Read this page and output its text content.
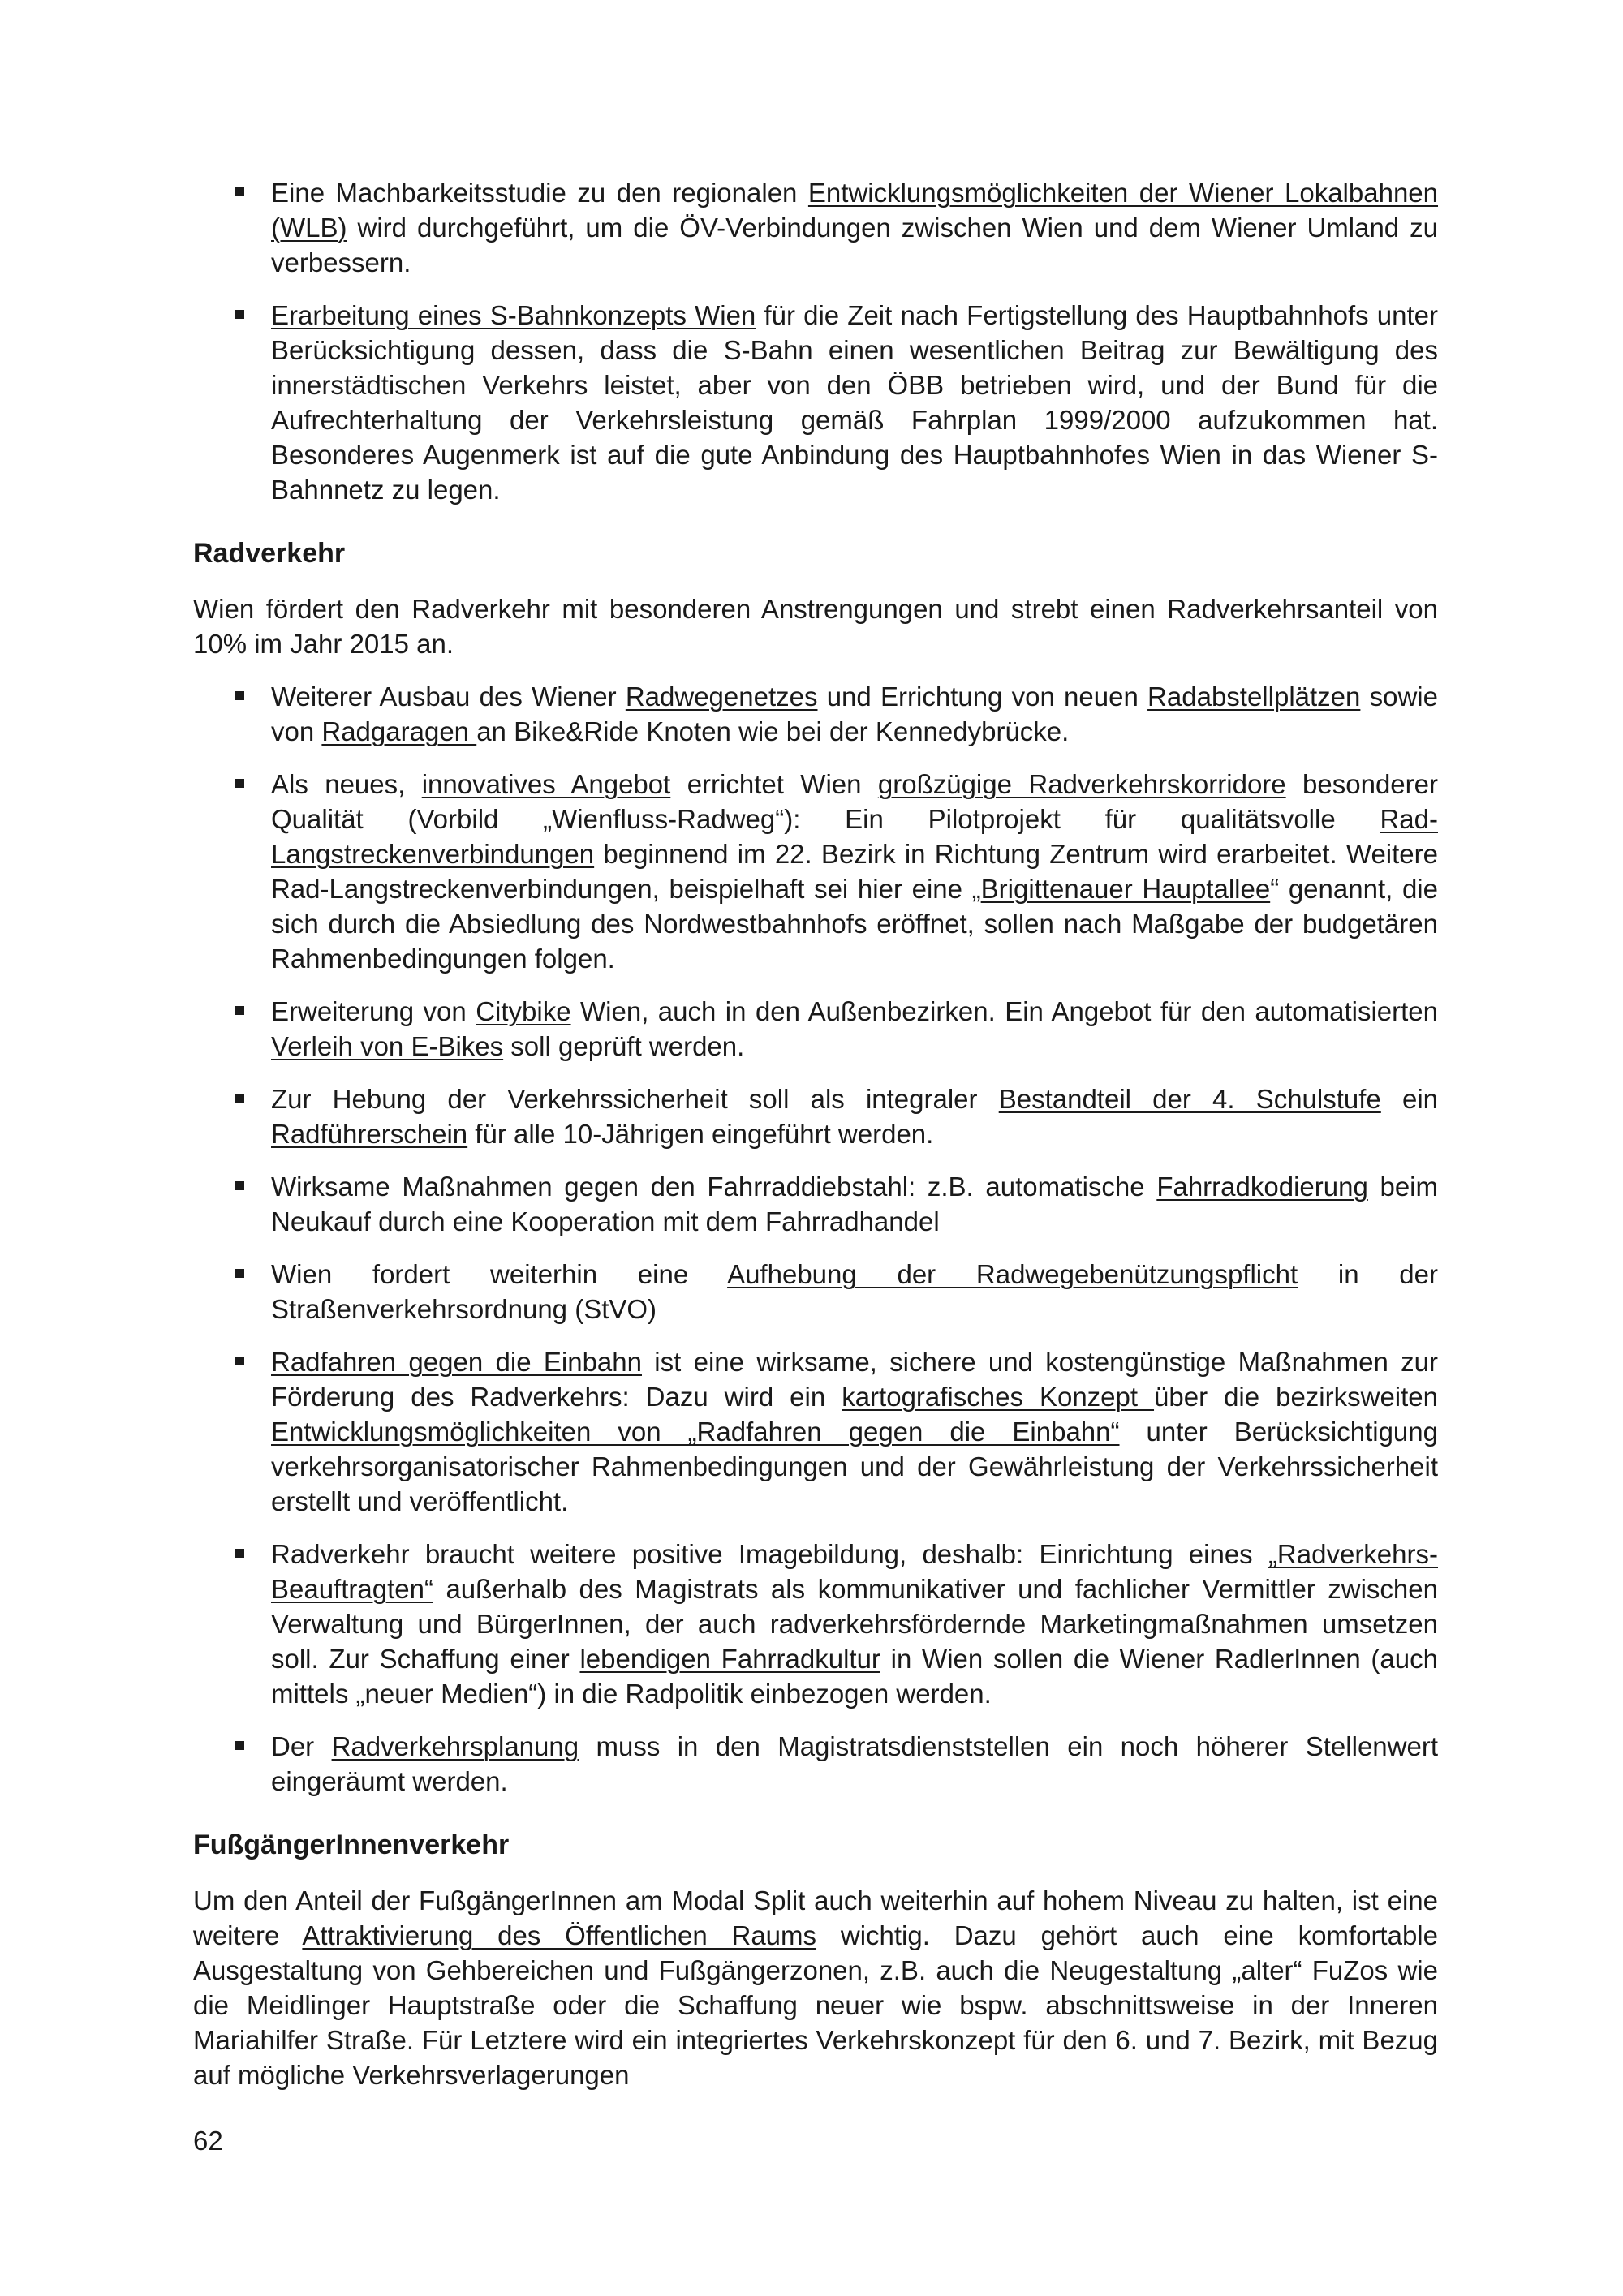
Eine Machbarkeitsstudie zu den regionalen Entwicklungsmöglichkeiten der Wiener Lokalbahnen (WLB) wird durchgeführt, um die ÖV-Verbindungen zwischen Wien und dem Wiener Umland zu verbessern.
Erarbeitung eines S-Bahnkonzepts Wien für die Zeit nach Fertigstellung des Hauptbahnhofs unter Berücksichtigung dessen, dass die S-Bahn einen wesentlichen Beitrag zur Bewältigung des innerstädtischen Verkehrs leistet, aber von den ÖBB betrieben wird, und der Bund für die Aufrechterhaltung der Verkehrsleistung gemäß Fahrplan 1999/2000 aufzukommen hat. Besonderes Augenmerk ist auf die gute Anbindung des Hauptbahnhofes Wien in das Wiener S-Bahnnetz zu legen.
Radverkehr

Wien fördert den Radverkehr mit besonderen Anstrengungen und strebt einen Radverkehrsanteil von 10% im Jahr 2015 an.

Weiterer Ausbau des Wiener Radwegenetzes und Errichtung von neuen Radabstellplätzen sowie von Radgaragen an Bike&Ride Knoten wie bei der Kennedybrücke.
Als neues, innovatives Angebot errichtet Wien großzügige Radverkehrskorridore besonderer Qualität (Vorbild „Wienfluss-Radweg“): Ein Pilotprojekt für qualitätsvolle Rad-Langstreckenverbindungen beginnend im 22. Bezirk in Richtung Zentrum wird erarbeitet. Weitere Rad-Langstreckenverbindungen, beispielhaft sei hier eine „Brigittenauer Hauptallee“ genannt, die sich durch die Absiedlung des Nordwestbahnhofs eröffnet, sollen nach Maßgabe der budgetären Rahmenbedingungen folgen.
Erweiterung von Citybike Wien, auch in den Außenbezirken. Ein Angebot für den automatisierten Verleih von E-Bikes soll geprüft werden.
Zur Hebung der Verkehrssicherheit soll als integraler Bestandteil der 4. Schulstufe ein Radführerschein für alle 10-Jährigen eingeführt werden.
Wirksame Maßnahmen gegen den Fahrraddiebstahl: z.B. automatische Fahrradkodierung beim Neukauf durch eine Kooperation mit dem Fahrradhandel
Wien fordert weiterhin eine Aufhebung der Radwegebenützungspflicht in der Straßenverkehrsordnung (StVO)
Radfahren gegen die Einbahn ist eine wirksame, sichere und kostengünstige Maßnahmen zur Förderung des Radverkehrs: Dazu wird ein kartografisches Konzept über die bezirksweiten Entwicklungsmöglichkeiten von „Radfahren gegen die Einbahn“ unter Berücksichtigung verkehrsorganisatorischer Rahmenbedingungen und der Gewährleistung der Verkehrssicherheit erstellt und veröffentlicht.
Radverkehr braucht weitere positive Imagebildung, deshalb: Einrichtung eines „Radverkehrs-Beauftragten“ außerhalb des Magistrats als kommunikativer und fachlicher Vermittler zwischen Verwaltung und BürgerInnen, der auch radverkehrsfördernde Marketingmaßnahmen umsetzen soll. Zur Schaffung einer lebendigen Fahrradkultur in Wien sollen die Wiener RadlerInnen (auch mittels „neuer Medien“) in die Radpolitik einbezogen werden.
Der Radverkehrsplanung muss in den Magistratsdienststellen ein noch höherer Stellenwert eingeräumt werden.
FußgängerInnenverkehr

Um den Anteil der FußgängerInnen am Modal Split auch weiterhin auf hohem Niveau zu halten, ist eine weitere Attraktivierung des Öffentlichen Raums wichtig. Dazu gehört auch eine komfortable Ausgestaltung von Gehbereichen und Fußgängerzonen, z.B. auch die Neugestaltung „alter“ FuZos wie die Meidlinger Hauptstraße oder die Schaffung neuer wie bspw. abschnittsweise in der Inneren Mariahilfer Straße. Für Letztere wird ein integriertes Verkehrskonzept für den 6. und 7. Bezirk, mit Bezug auf mögliche Verkehrsverlagerungen

62
